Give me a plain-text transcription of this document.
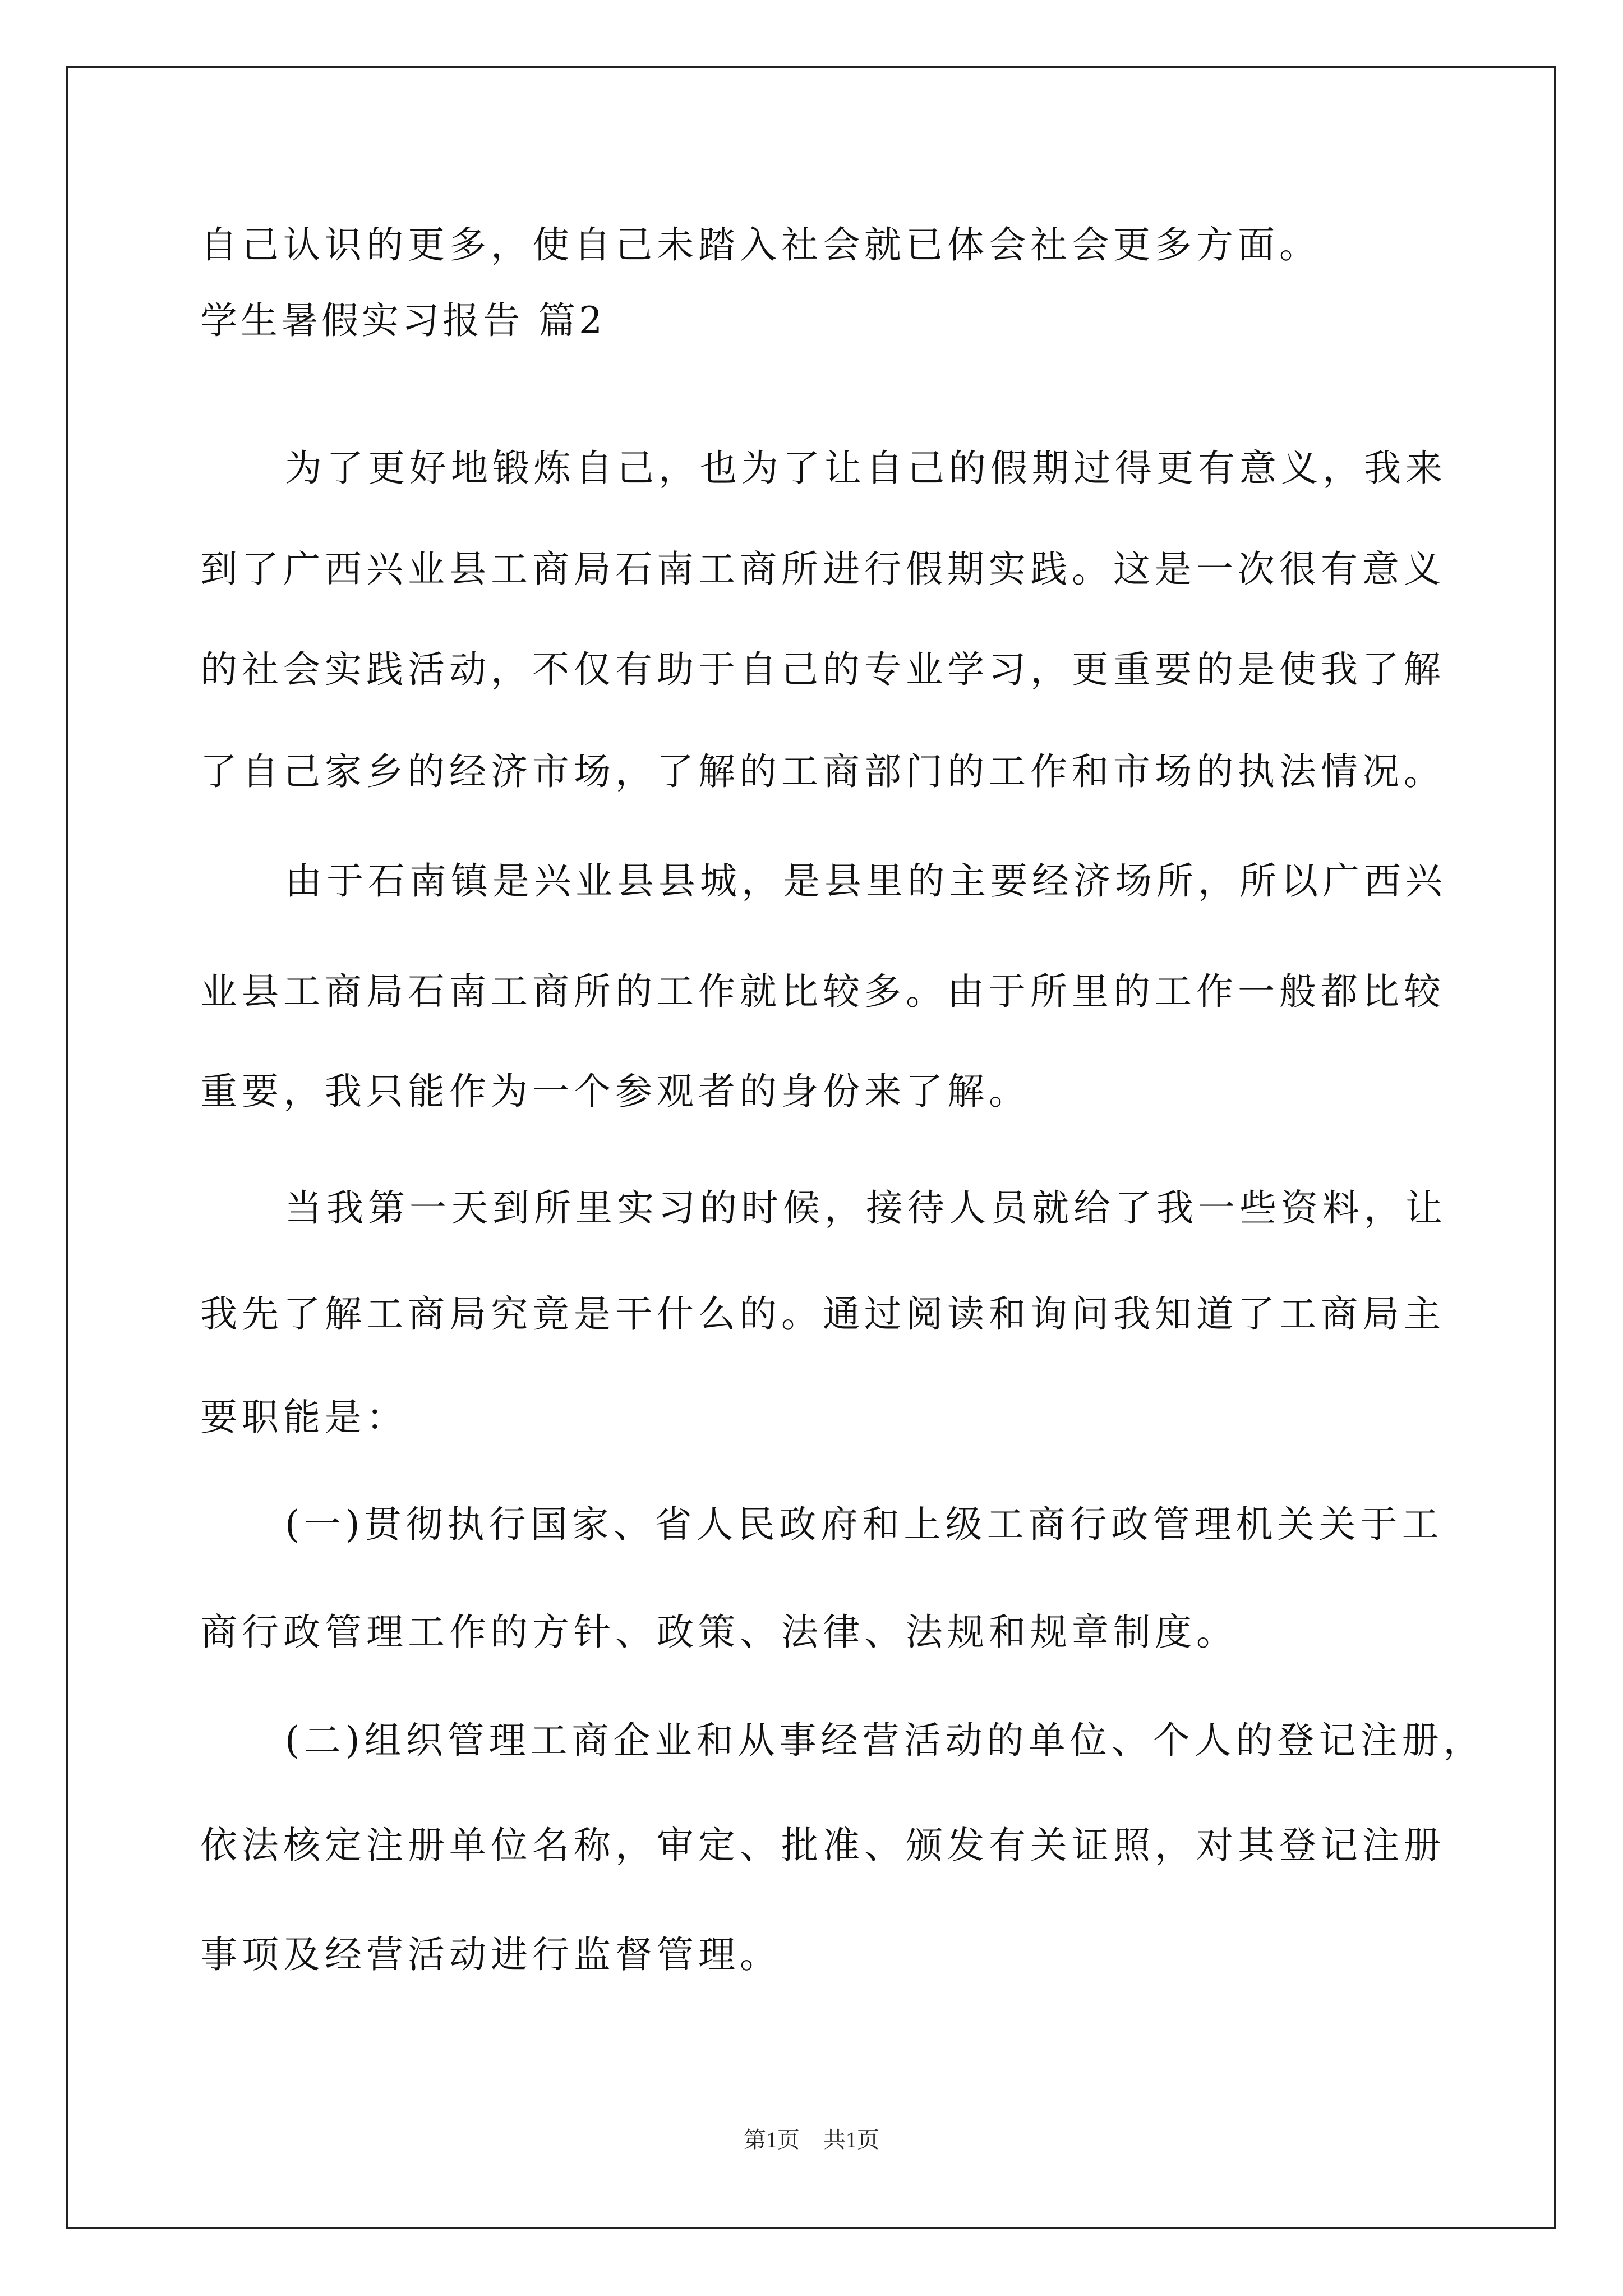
自己认识的更多，使自己未踏入社会就已体会社会更多方面。

学生暑假实习报告 篇2

为了更好地锻炼自己，也为了让自己的假期过得更有意义，我来

到了广西兴业县工商局石南工商所进行假期实践。这是一次很有意义

的社会实践活动，不仅有助于自己的专业学习，更重要的是使我了解

了自己家乡的经济市场，了解的工商部门的工作和市场的执法情况。

由于石南镇是兴业县县城，是县里的主要经济场所，所以广西兴

业县工商局石南工商所的工作就比较多。由于所里的工作一般都比较

重要，我只能作为一个参观者的身份来了解。

当我第一天到所里实习的时候，接待人员就给了我一些资料，让

我先了解工商局究竟是干什么的。通过阅读和询问我知道了工商局主

要职能是：

(一)贯彻执行国家、省人民政府和上级工商行政管理机关关于工

商行政管理工作的方针、政策、法律、法规和规章制度。

(二)组织管理工商企业和从事经营活动的单位、个人的登记注册，

依法核定注册单位名称，审定、批准、颁发有关证照，对其登记注册

事项及经营活动进行监督管理。

第1页 共1页
